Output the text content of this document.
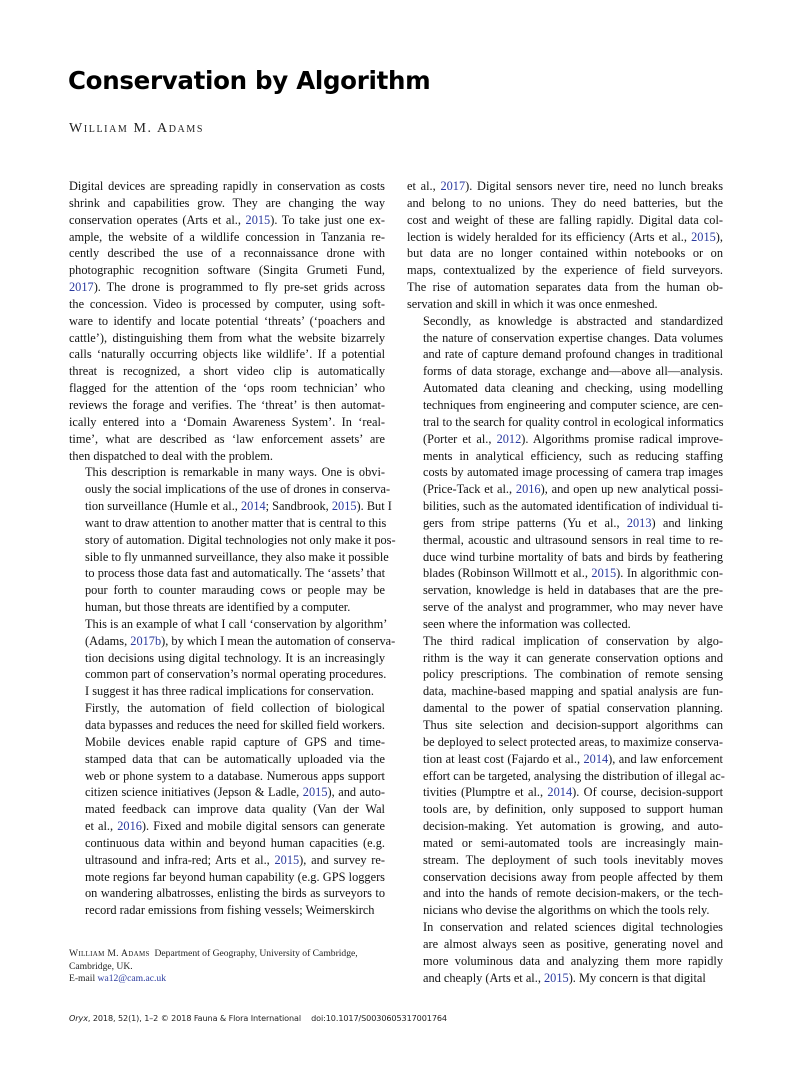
Conservation by Algorithm
William M. Adams

Digital devices are spreading rapidly in conservation as costs
shrink and capabilities grow. They are changing the way
conservation operates (Arts et al., 2015). To take just one ex-
ample, the website of a wildlife concession in Tanzania re-
cently described the use of a reconnaissance drone with
photographic recognition software (Singita Grumeti Fund,
2017). The drone is programmed to fly pre-set grids across
the concession. Video is processed by computer, using soft-
ware to identify and locate potential ‘threats’ (‘poachers and
cattle’), distinguishing them from what the website bizarrely
calls ‘naturally occurring objects like wildlife’. If a potential
threat is recognized, a short video clip is automatically
flagged for the attention of the ‘ops room technician’ who
reviews the forage and verifies. The ‘threat’ is then automat-
ically entered into a ‘Domain Awareness System’. In ‘real-
time’, what are described as ‘law enforcement assets’ are
then dispatched to deal with the problem.

This description is remarkable in many ways. One is obvi-
ously the social implications of the use of drones in conserva-
tion surveillance (Humle et al., 2014; Sandbrook, 2015). But I
want to draw attention to another matter that is central to this
story of automation. Digital technologies not only make it pos-
sible to fly unmanned surveillance, they also make it possible
to process those data fast and automatically. The ‘assets’ that
pour forth to counter marauding cows or people may be
human, but those threats are identified by a computer.

This is an example of what I call ‘conservation by algorithm’
(Adams, 2017b), by which I mean the automation of conserva-
tion decisions using digital technology. It is an increasingly
common part of conservation’s normal operating procedures.
I suggest it has three radical implications for conservation.

Firstly, the automation of field collection of biological
data bypasses and reduces the need for skilled field workers.
Mobile devices enable rapid capture of GPS and time-
stamped data that can be automatically uploaded via the
web or phone system to a database. Numerous apps support
citizen science initiatives (Jepson & Ladle, 2015), and auto-
mated feedback can improve data quality (Van der Wal
et al., 2016). Fixed and mobile digital sensors can generate
continuous data within and beyond human capacities (e.g.
ultrasound and infra-red; Arts et al., 2015), and survey re-
mote regions far beyond human capability (e.g. GPS loggers
on wandering albatrosses, enlisting the birds as surveyors to
record radar emissions from fishing vessels; Weimerskirch

et al., 2017). Digital sensors never tire, need no lunch breaks
and belong to no unions. They do need batteries, but the
cost and weight of these are falling rapidly. Digital data col-
lection is widely heralded for its efficiency (Arts et al., 2015),
but data are no longer contained within notebooks or on
maps, contextualized by the experience of field surveyors.
The rise of automation separates data from the human ob-
servation and skill in which it was once enmeshed.

Secondly, as knowledge is abstracted and standardized
the nature of conservation expertise changes. Data volumes
and rate of capture demand profound changes in traditional
forms of data storage, exchange and—above all—analysis.
Automated data cleaning and checking, using modelling
techniques from engineering and computer science, are cen-
tral to the search for quality control in ecological informatics
(Porter et al., 2012). Algorithms promise radical improve-
ments in analytical efficiency, such as reducing staffing
costs by automated image processing of camera trap images
(Price-Tack et al., 2016), and open up new analytical possi-
bilities, such as the automated identification of individual ti-
gers from stripe patterns (Yu et al., 2013) and linking
thermal, acoustic and ultrasound sensors in real time to re-
duce wind turbine mortality of bats and birds by feathering
blades (Robinson Willmott et al., 2015). In algorithmic con-
servation, knowledge is held in databases that are the pre-
serve of the analyst and programmer, who may never have
seen where the information was collected.

The third radical implication of conservation by algo-
rithm is the way it can generate conservation options and
policy prescriptions. The combination of remote sensing
data, machine-based mapping and spatial analysis are fun-
damental to the power of spatial conservation planning.
Thus site selection and decision-support algorithms can
be deployed to select protected areas, to maximize conserva-
tion at least cost (Fajardo et al., 2014), and law enforcement
effort can be targeted, analysing the distribution of illegal ac-
tivities (Plumptre et al., 2014). Of course, decision-support
tools are, by definition, only supposed to support human
decision-making. Yet automation is growing, and auto-
mated or semi-automated tools are increasingly main-
stream. The deployment of such tools inevitably moves
conservation decisions away from people affected by them
and into the hands of remote decision-makers, or the tech-
nicians who devise the algorithms on which the tools rely.

In conservation and related sciences digital technologies
are almost always seen as positive, generating novel and
more voluminous data and analyzing them more rapidly
and cheaply (Arts et al., 2015). My concern is that digital

William M. Adams Department of Geography, University of Cambridge,
Cambridge, UK.
E-mail wa12@cam.ac.uk
Oryx, 2018, 52(1), 1–2 © 2018 Fauna & Flora International doi:10.1017/S0030605317001764
